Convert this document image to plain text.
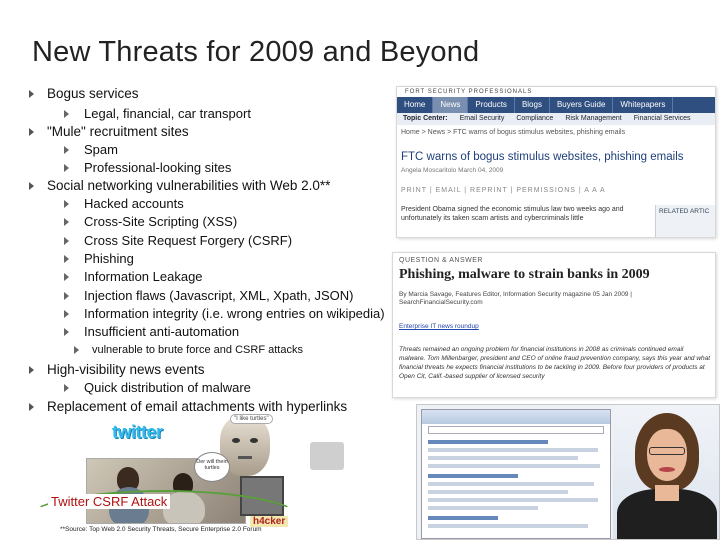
New Threats for 2009 and Beyond
Bogus services
Legal, financial, car transport
"Mule" recruitment sites
Spam
Professional-looking sites
Social networking vulnerabilities with Web 2.0**
Hacked accounts
Cross-Site Scripting (XSS)
Cross Site Request Forgery (CSRF)
Phishing
Information Leakage
Injection flaws (Javascript, XML, Xpath, JSON)
Information integrity (i.e. wrong entries on wikipedia)
Insufficient anti-automation
vulnerable to brute force and CSRF attacks
High-visibility news events
Quick distribution of malware
Replacement of email attachments with hyperlinks
FORT SECURITY PROFESSIONALS
Home	News	Products	Blogs	Buyers Guide	Whitepapers
Topic Center:	Email Security	Compliance	Risk Management	Financial Services
Home > News > FTC warns of bogus stimulus websites, phishing emails
FTC warns of bogus stimulus websites, phishing emails
Angela Moscaritolo March 04, 2009
PRINT | EMAIL | REPRINT | PERMISSIONS | A A A
President Obama signed the economic stimulus law two weeks ago and unfortunately its taken scam artists and cybercriminals little
RELATED ARTIC
QUESTION & ANSWER
Phishing, malware to strain banks in 2009
By Marcia Savage, Features Editor, Information Security magazine 05 Jan 2009 | SearchFinancialSecurity.com
Enterprise IT news roundup
Threats remained an ongoing problem for financial institutions in 2008 as criminals continued email malware. Tom Millenbarger, president and CEO of online fraud prevention company, says this year and what financial threats he expects financial institutions to be tackling in 2009. Before four providers of products at Open Cit, Calif.-based supplier of licensed security
twitter
"I like turtles"
Der will thein turtles
h4cker
Twitter CSRF Attack
**Source: Top Web 2.0 Security Threats, Secure Enterprise 2.0 Forum
